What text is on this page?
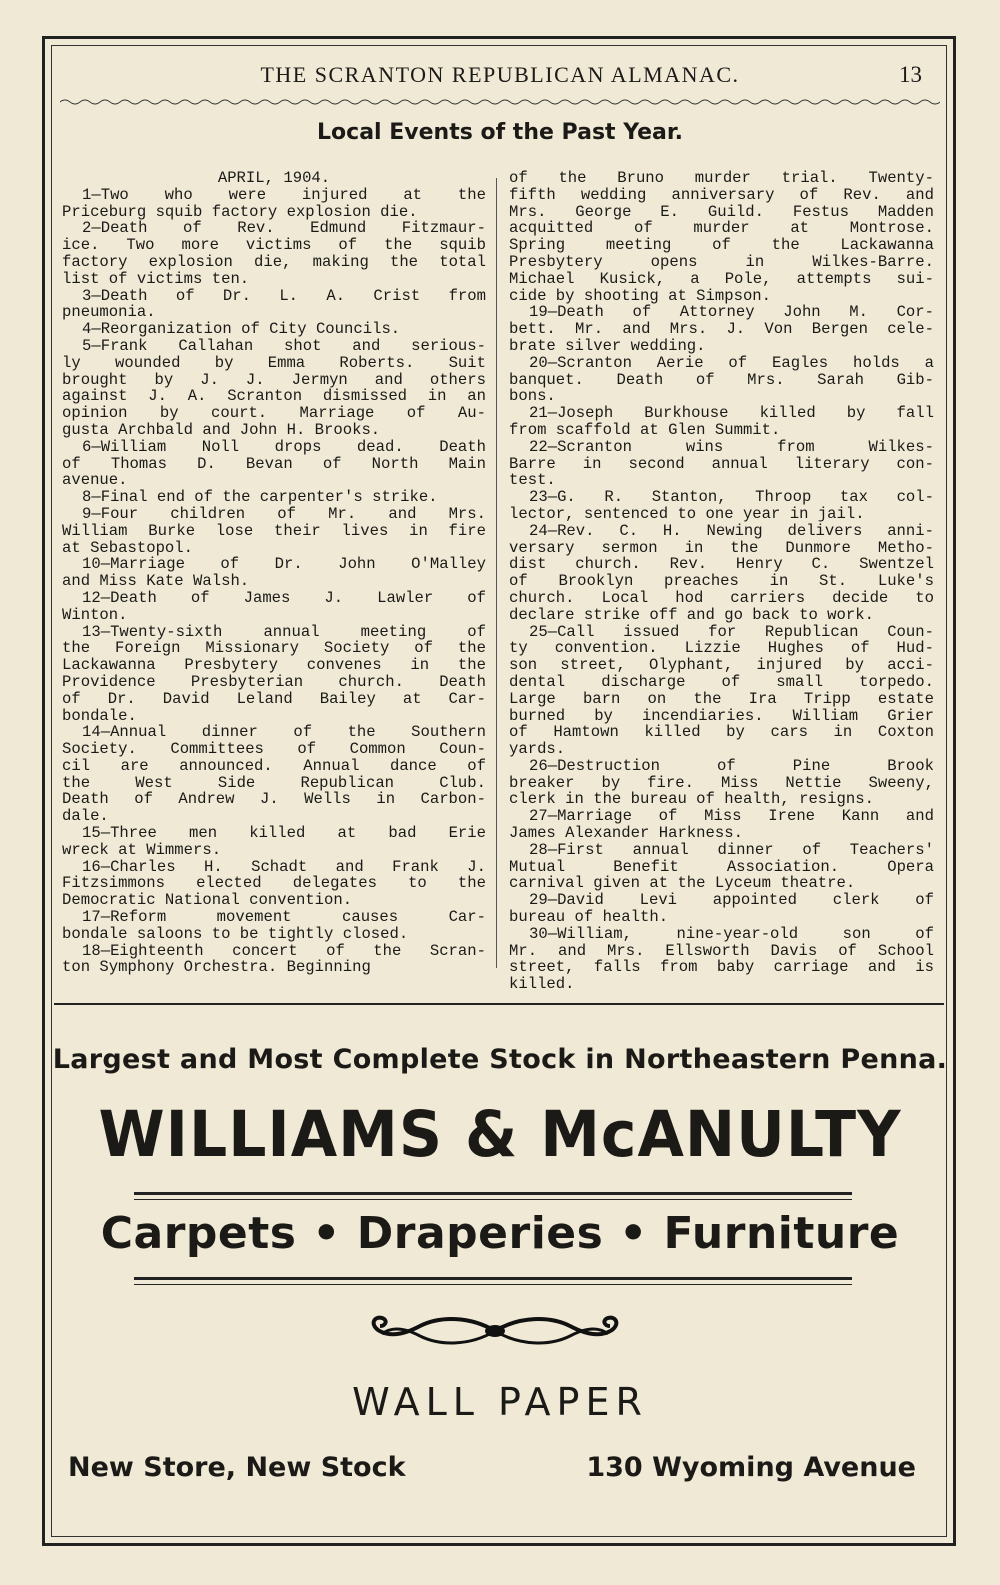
THE SCRANTON REPUBLICAN ALMANAC.	13
Local Events of the Past Year.
APRIL, 1904.
1—Two who were injured at the
Priceburg squib factory explosion die.
2—Death of Rev. Edmund Fitzmaur-
ice. Two more victims of the squib
factory explosion die, making the total
list of victims ten.
3—Death of Dr. L. A. Crist from
pneumonia.
4—Reorganization of City Councils.
5—Frank Callahan shot and serious-
ly wounded by Emma Roberts. Suit
brought by J. J. Jermyn and others
against J. A. Scranton dismissed in an
opinion by court. Marriage of Au-
gusta Archbald and John H. Brooks.
6—William Noll drops dead. Death
of Thomas D. Bevan of North Main
avenue.
8—Final end of the carpenter's strike.
9—Four children of Mr. and Mrs.
William Burke lose their lives in fire
at Sebastopol.
10—Marriage of Dr. John O'Malley
and Miss Kate Walsh.
12—Death of James J. Lawler of
Winton.
13—Twenty-sixth annual meeting of
the Foreign Missionary Society of the
Lackawanna Presbytery convenes in the
Providence Presbyterian church. Death
of Dr. David Leland Bailey at Car-
bondale.
14—Annual dinner of the Southern
Society. Committees of Common Coun-
cil are announced. Annual dance of
the West Side Republican Club.
Death of Andrew J. Wells in Carbon-
dale.
15—Three men killed at bad Erie
wreck at Wimmers.
16—Charles H. Schadt and Frank J.
Fitzsimmons elected delegates to the
Democratic National convention.
17—Reform movement causes Car-
bondale saloons to be tightly closed.
18—Eighteenth concert of the Scran-
ton Symphony Orchestra. Beginning
of the Bruno murder trial. Twenty-
fifth wedding anniversary of Rev. and
Mrs. George E. Guild. Festus Madden
acquitted of murder at Montrose.
Spring meeting of the Lackawanna
Presbytery opens in Wilkes-Barre.
Michael Kusick, a Pole, attempts sui-
cide by shooting at Simpson.
19—Death of Attorney John M. Cor-
bett. Mr. and Mrs. J. Von Bergen cele-
brate silver wedding.
20—Scranton Aerie of Eagles holds a
banquet. Death of Mrs. Sarah Gib-
bons.
21—Joseph Burkhouse killed by fall
from scaffold at Glen Summit.
22—Scranton wins from Wilkes-
Barre in second annual literary con-
test.
23—G. R. Stanton, Throop tax col-
lector, sentenced to one year in jail.
24—Rev. C. H. Newing delivers anni-
versary sermon in the Dunmore Metho-
dist church. Rev. Henry C. Swentzel
of Brooklyn preaches in St. Luke's
church. Local hod carriers decide to
declare strike off and go back to work.
25—Call issued for Republican Coun-
ty convention. Lizzie Hughes of Hud-
son street, Olyphant, injured by acci-
dental discharge of small torpedo.
Large barn on the Ira Tripp estate
burned by incendiaries. William Grier
of Hamtown killed by cars in Coxton
yards.
26—Destruction of Pine Brook
breaker by fire. Miss Nettie Sweeny,
clerk in the bureau of health, resigns.
27—Marriage of Miss Irene Kann and
James Alexander Harkness.
28—First annual dinner of Teachers'
Mutual Benefit Association. Opera
carnival given at the Lyceum theatre.
29—David Levi appointed clerk of
bureau of health.
30—William, nine-year-old son of
Mr. and Mrs. Ellsworth Davis of School
street, falls from baby carriage and is
killed.
Largest and Most Complete Stock in Northeastern Penna.
WILLIAMS & McANULTY
Carpets • Draperies • Furniture
WALL PAPER
New Store, New Stock	130 Wyoming Avenue
